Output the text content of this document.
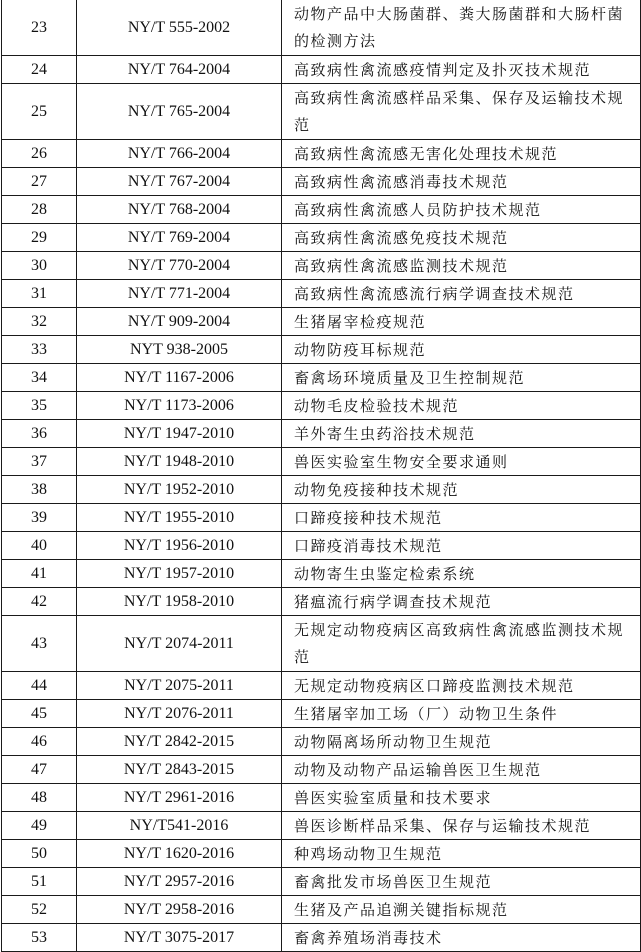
23	NY/T 555-2002	动物产品中大肠菌群、粪大肠菌群和大肠杆菌的检测方法
24	NY/T 764-2004	高致病性禽流感疫情判定及扑灭技术规范
25	NY/T 765-2004	高致病性禽流感样品采集、保存及运输技术规范
26	NY/T 766-2004	高致病性禽流感无害化处理技术规范
27	NY/T 767-2004	高致病性禽流感消毒技术规范
28	NY/T 768-2004	高致病性禽流感人员防护技术规范
29	NY/T 769-2004	高致病性禽流感免疫技术规范
30	NY/T 770-2004	高致病性禽流感监测技术规范
31	NY/T 771-2004	高致病性禽流感流行病学调查技术规范
32	NY/T 909-2004	生猪屠宰检疫规范
33	NYT 938-2005	动物防疫耳标规范
34	NY/T 1167-2006	畜禽场环境质量及卫生控制规范
35	NY/T 1173-2006	动物毛皮检验技术规范
36	NY/T 1947-2010	羊外寄生虫药浴技术规范
37	NY/T 1948-2010	兽医实验室生物安全要求通则
38	NY/T 1952-2010	动物免疫接种技术规范
39	NY/T 1955-2010	口蹄疫接种技术规范
40	NY/T 1956-2010	口蹄疫消毒技术规范
41	NY/T 1957-2010	动物寄生虫鉴定检索系统
42	NY/T 1958-2010	猪瘟流行病学调查技术规范
43	NY/T 2074-2011	无规定动物疫病区高致病性禽流感监测技术规范
44	NY/T 2075-2011	无规定动物疫病区口蹄疫监测技术规范
45	NY/T 2076-2011	生猪屠宰加工场（厂）动物卫生条件
46	NY/T 2842-2015	动物隔离场所动物卫生规范
47	NY/T 2843-2015	动物及动物产品运输兽医卫生规范
48	NY/T 2961-2016	兽医实验室质量和技术要求
49	NY/T541-2016	兽医诊断样品采集、保存与运输技术规范
50	NY/T 1620-2016	种鸡场动物卫生规范
51	NY/T 2957-2016	畜禽批发市场兽医卫生规范
52	NY/T 2958-2016	生猪及产品追溯关键指标规范
53	NY/T 3075-2017	畜禽养殖场消毒技术
